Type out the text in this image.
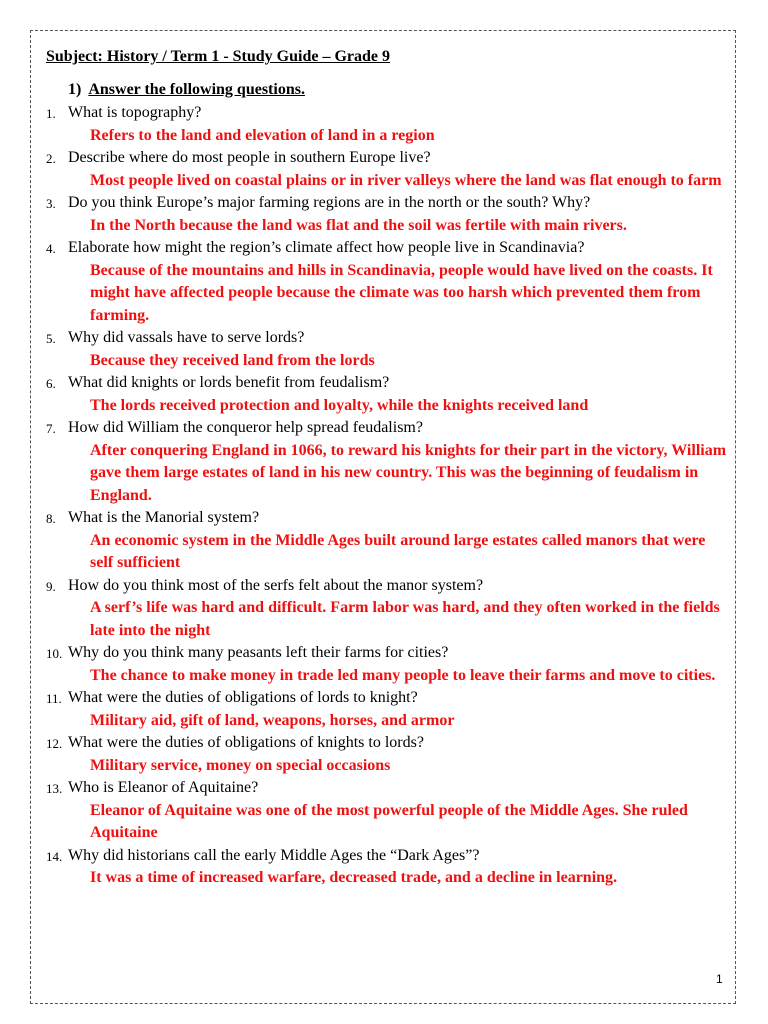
Subject: History / Term 1 - Study Guide – Grade 9
1) Answer the following questions.
1. What is topography?
Refers to the land and elevation of land in a region
2. Describe where do most people in southern Europe live?
Most people lived on coastal plains or in river valleys where the land was flat enough to farm
3. Do you think Europe’s major farming regions are in the north or the south? Why?
In the North because the land was flat and the soil was fertile with main rivers.
4. Elaborate how might the region’s climate affect how people live in Scandinavia?
Because of the mountains and hills in Scandinavia, people would have lived on the coasts. It might have affected people because the climate was too harsh which prevented them from farming.
5. Why did vassals have to serve lords?
Because they received land from the lords
6. What did knights or lords benefit from feudalism?
The lords received protection and loyalty, while the knights received land
7. How did William the conqueror help spread feudalism?
After conquering England in 1066, to reward his knights for their part in the victory, William gave them large estates of land in his new country. This was the beginning of feudalism in England.
8. What is the Manorial system?
An economic system in the Middle Ages built around large estates called manors that were self sufficient
9. How do you think most of the serfs felt about the manor system?
A serf’s life was hard and difficult. Farm labor was hard, and they often worked in the fields late into the night
10. Why do you think many peasants left their farms for cities?
The chance to make money in trade led many people to leave their farms and move to cities.
11. What were the duties of obligations of lords to knight?
Military aid, gift of land, weapons, horses, and armor
12. What were the duties of obligations of knights to lords?
Military service, money on special occasions
13. Who is Eleanor of Aquitaine?
Eleanor of Aquitaine was one of the most powerful people of the Middle Ages. She ruled Aquitaine
14. Why did historians call the early Middle Ages the “Dark Ages”?
It was a time of increased warfare, decreased trade, and a decline in learning.
1
